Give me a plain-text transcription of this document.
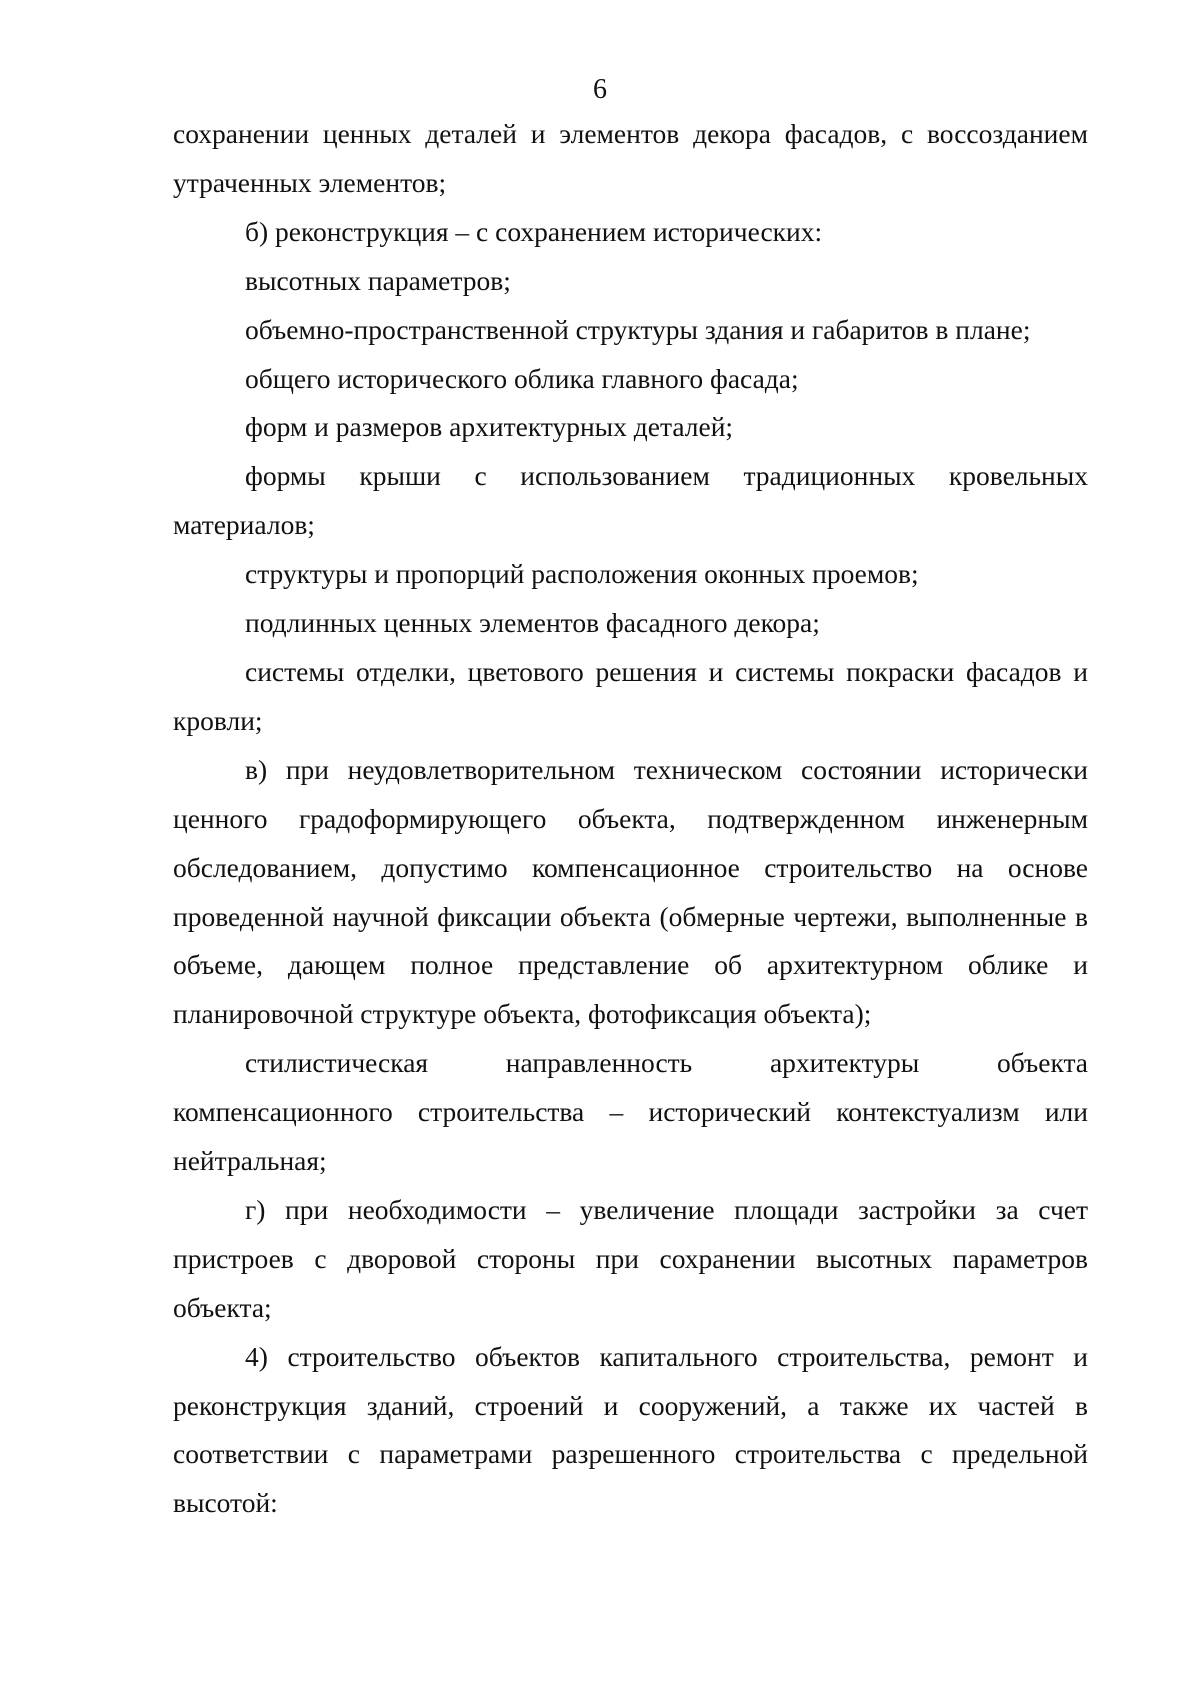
6

сохранении ценных деталей и элементов декора фасадов, с воссозданием утраченных элементов;

б) реконструкция – с сохранением исторических:

высотных параметров;

объемно-пространственной структуры здания и габаритов в плане;

общего исторического облика главного фасада;

форм и размеров архитектурных деталей;

формы крыши с использованием традиционных кровельных материалов;

структуры и пропорций расположения оконных проемов;

подлинных ценных элементов фасадного декора;

системы отделки, цветового решения и системы покраски фасадов и кровли;

в) при неудовлетворительном техническом состоянии исторически ценного градоформирующего объекта, подтвержденном инженерным обследованием, допустимо компенсационное строительство на основе проведенной научной фиксации объекта (обмерные чертежи, выполненные в объеме, дающем полное представление об архитектурном облике и планировочной структуре объекта, фотофиксация объекта);

стилистическая направленность архитектуры объекта компенсационного строительства – исторический контекстуализм или нейтральная;

г) при необходимости – увеличение площади застройки за счет пристроев с дворовой стороны при сохранении высотных параметров объекта;

4) строительство объектов капитального строительства, ремонт и реконструкция зданий, строений и сооружений, а также их частей в соответствии с параметрами разрешенного строительства с предельной высотой:
